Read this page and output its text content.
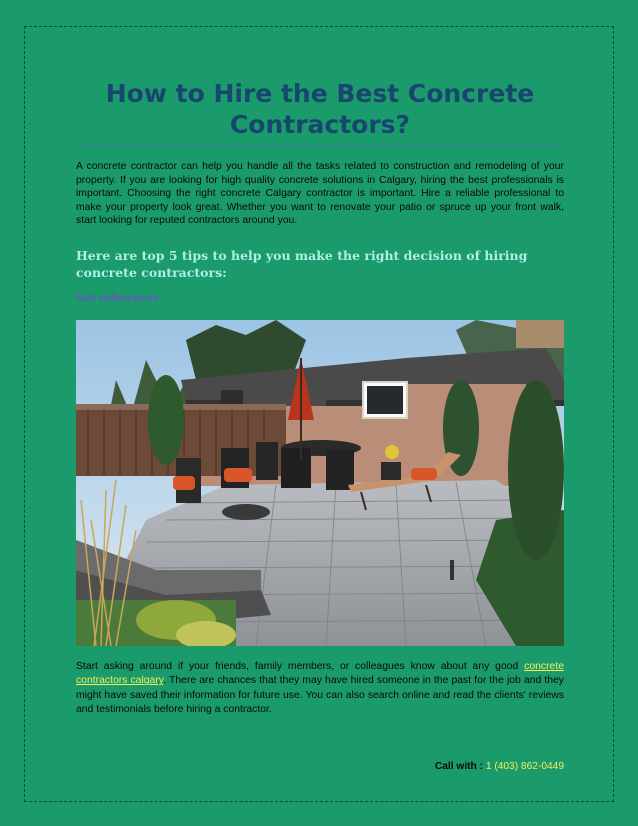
How to Hire the Best Concrete Contractors?

A concrete contractor can help you handle all the tasks related to construction and remodeling of your property. If you are looking for high quality concrete solutions in Calgary, hiring the best professionals is important. Choosing the right concrete Calgary contractor is important. Hire a reliable professional to make your property look great. Whether you want to renovate your patio or spruce up your front walk, start looking for reputed contractors around you.

Here are top 5 tips to help you make the right decision of hiring concrete contractors:
Get references

Start asking around if your friends, family members, or colleagues know about any good concrete contractors calgary. There are chances that they may have hired someone in the past for the job and they might have saved their information for future use. You can also search online and read the clients' reviews and testimonials before hiring a contractor.

Call with : 1 (403) 862-0449
